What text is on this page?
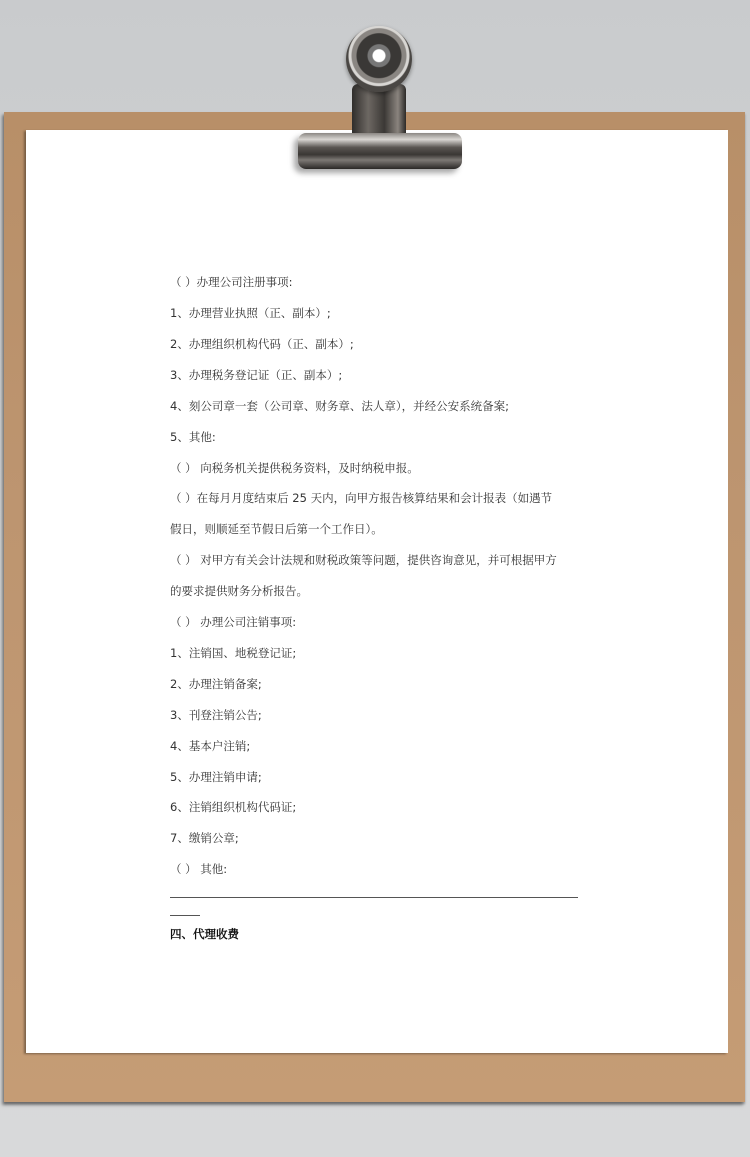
（ ）办理公司注册事项:
1、办理营业执照（正、副本）;
2、办理组织机构代码（正、副本）;
3、办理税务登记证（正、副本）;
4、刻公司章一套（公司章、财务章、法人章），并经公安系统备案;
5、其他:
（ ） 向税务机关提供税务资料，及时纳税申报。
（ ）在每月月度结束后 25 天内，向甲方报告核算结果和会计报表（如遇节
假日，则顺延至节假日后第一个工作日）。
（ ） 对甲方有关会计法规和财税政策等问题，提供咨询意见，并可根据甲方
的要求提供财务分析报告。
（ ） 办理公司注销事项:
1、注销国、地税登记证;
2、办理注销备案;
3、刊登注销公告;
4、基本户注销;
5、办理注销申请;
6、注销组织机构代码证;
7、缴销公章;
（ ） 其他:
四、代理收费
